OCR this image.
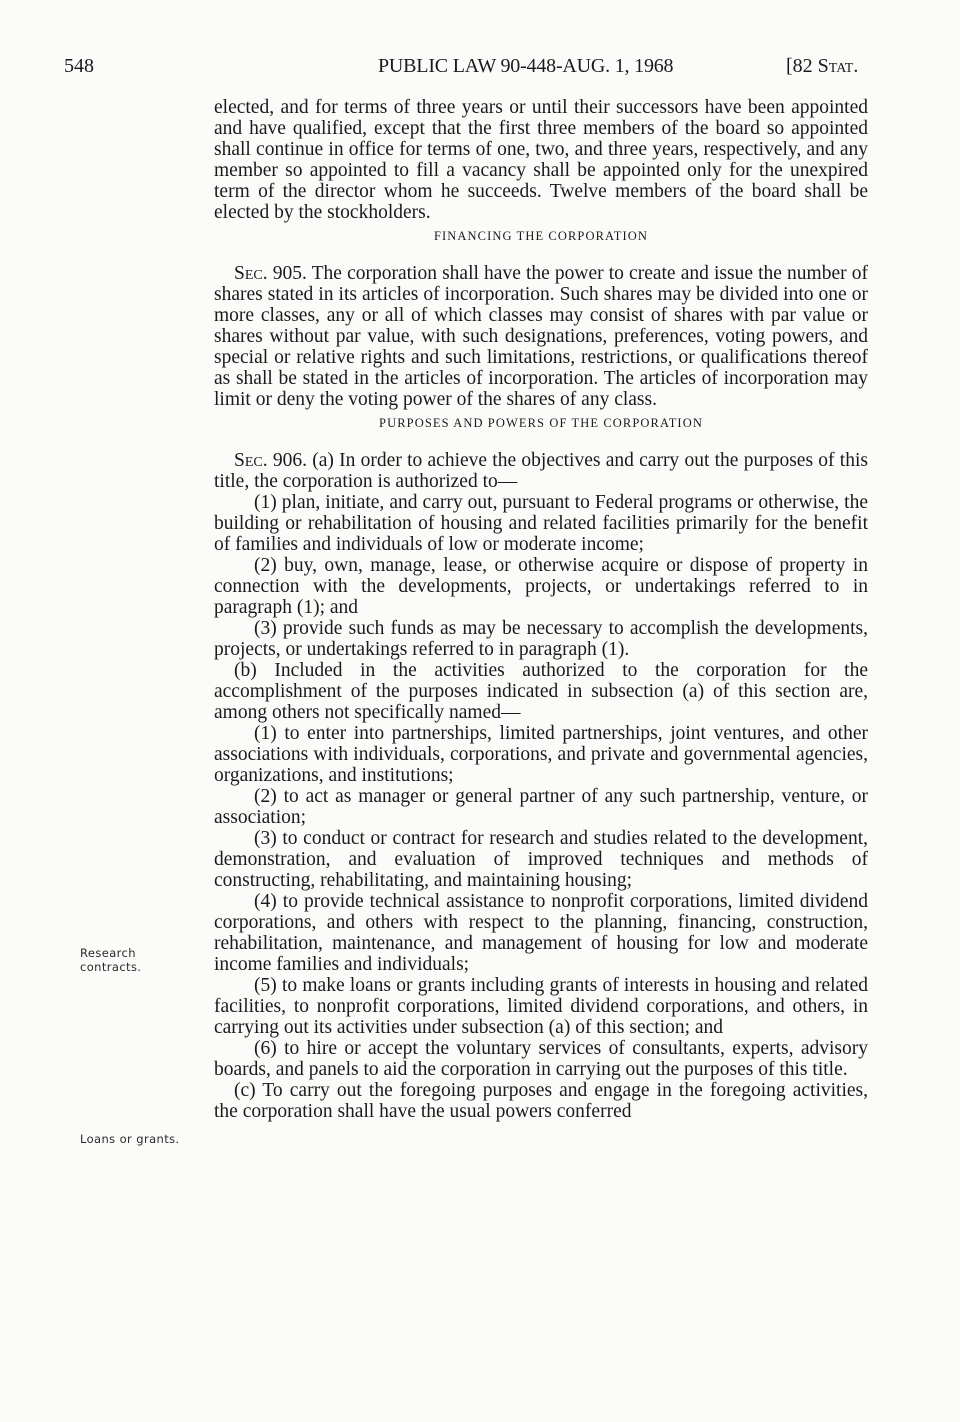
548	PUBLIC LAW 90-448-AUG. 1, 1968	[82 Stat.
Research contracts.
Loans or grants.

elected, and for terms of three years or until their successors have been appointed and have qualified, except that the first three members of the board so appointed shall continue in office for terms of one, two, and three years, respectively, and any member so appointed to fill a vacancy shall be appointed only for the unexpired term of the director whom he succeeds. Twelve members of the board shall be elected by the stockholders.

FINANCING THE CORPORATION

Sec. 905. The corporation shall have the power to create and issue the number of shares stated in its articles of incorporation. Such shares may be divided into one or more classes, any or all of which classes may consist of shares with par value or shares without par value, with such designations, preferences, voting powers, and special or relative rights and such limitations, restrictions, or qualifications thereof as shall be stated in the articles of incorporation. The articles of incorporation may limit or deny the voting power of the shares of any class.

PURPOSES AND POWERS OF THE CORPORATION

Sec. 906. (a) In order to achieve the objectives and carry out the purposes of this title, the corporation is authorized to—

(1) plan, initiate, and carry out, pursuant to Federal programs or otherwise, the building or rehabilitation of housing and related facilities primarily for the benefit of families and individuals of low or moderate income;

(2) buy, own, manage, lease, or otherwise acquire or dispose of property in connection with the developments, projects, or undertakings referred to in paragraph (1); and

(3) provide such funds as may be necessary to accomplish the developments, projects, or undertakings referred to in paragraph (1).

(b) Included in the activities authorized to the corporation for the accomplishment of the purposes indicated in subsection (a) of this section are, among others not specifically named—

(1) to enter into partnerships, limited partnerships, joint ventures, and other associations with individuals, corporations, and private and governmental agencies, organizations, and institutions;

(2) to act as manager or general partner of any such partnership, venture, or association;

(3) to conduct or contract for research and studies related to the development, demonstration, and evaluation of improved techniques and methods of constructing, rehabilitating, and maintaining housing;

(4) to provide technical assistance to nonprofit corporations, limited dividend corporations, and others with respect to the planning, financing, construction, rehabilitation, maintenance, and management of housing for low and moderate income families and individuals;

(5) to make loans or grants including grants of interests in housing and related facilities, to nonprofit corporations, limited dividend corporations, and others, in carrying out its activities under subsection (a) of this section; and

(6) to hire or accept the voluntary services of consultants, experts, advisory boards, and panels to aid the corporation in carrying out the purposes of this title.

(c) To carry out the foregoing purposes and engage in the foregoing activities, the corporation shall have the usual powers conferred
